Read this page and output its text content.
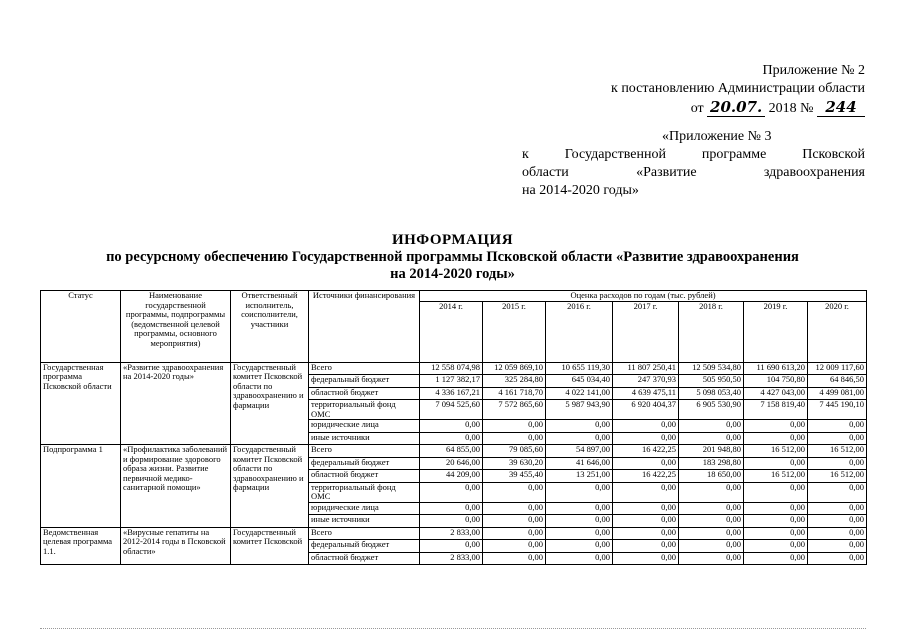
Приложение № 2
к постановлению Администрации области
от 20.07. 2018 № 244
«Приложение № 3
к	Государственной	программе	Псковской
области	«Развитие	здравоохранения
на 2014-2020 годы»
ИНФОРМАЦИЯ
по ресурсному обеспечению Государственной программы Псковской области «Развитие здравоохранения
на 2014-2020 годы»
Статус	Наименование государственной программы, подпрограммы (ведомственной целевой программы, основного мероприятия)	Ответственный исполнитель, соисполнители, участники	Источники финансирования	Оценка расходов по годам (тыс. рублей)						
				2014 г.	2015 г.	2016 г.	2017 г.	2018 г.	2019 г.	2020 г.
Государственная программа Псковской области	«Развитие здравоохранения на 2014-2020 годы»	Государственный комитет Псковской области по здравоохранению и фармации	Всего	12 558 074,98	12 059 869,10	10 655 119,30	11 807 250,41	12 509 534,80	11 690 613,20	12 009 117,60
			федеральный бюджет	1 127 382,17	325 284,80	645 034,40	247 370,93	505 950,50	104 750,80	64 846,50
			областной бюджет	4 336 167,21	4 161 718,70	4 022 141,00	4 639 475,11	5 098 053,40	4 427 043,00	4 499 081,00
			территориальный фонд ОМС	7 094 525,60	7 572 865,60	5 987 943,90	6 920 404,37	6 905 530,90	7 158 819,40	7 445 190,10
			юридические лица	0,00	0,00	0,00	0,00	0,00	0,00	0,00
			иные источники	0,00	0,00	0,00	0,00	0,00	0,00	0,00
Подпрограмма 1	«Профилактика заболеваний и формирование здорового образа жизни. Развитие первичной медико-санитарной помощи»	Государственный комитет Псковской области по здравоохранению и фармации	Всего	64 855,00	79 085,60	54 897,00	16 422,25	201 948,80	16 512,00	16 512,00
			федеральный бюджет	20 646,00	39 630,20	41 646,00	0,00	183 298,80	0,00	0,00
			областной бюджет	44 209,00	39 455,40	13 251,00	16 422,25	18 650,00	16 512,00	16 512,00
			территориальный фонд ОМС	0,00	0,00	0,00	0,00	0,00	0,00	0,00
			юридические лица	0,00	0,00	0,00	0,00	0,00	0,00	0,00
			иные источники	0,00	0,00	0,00	0,00	0,00	0,00	0,00
Ведомственная целевая программа 1.1.	«Вирусные гепатиты на 2012-2014 годы в Псковской области»	Государственный комитет Псковской	Всего	2 833,00	0,00	0,00	0,00	0,00	0,00	0,00
			федеральный бюджет	0,00	0,00	0,00	0,00	0,00	0,00	0,00
			областной бюджет	2 833,00	0,00	0,00	0,00	0,00	0,00	0,00
